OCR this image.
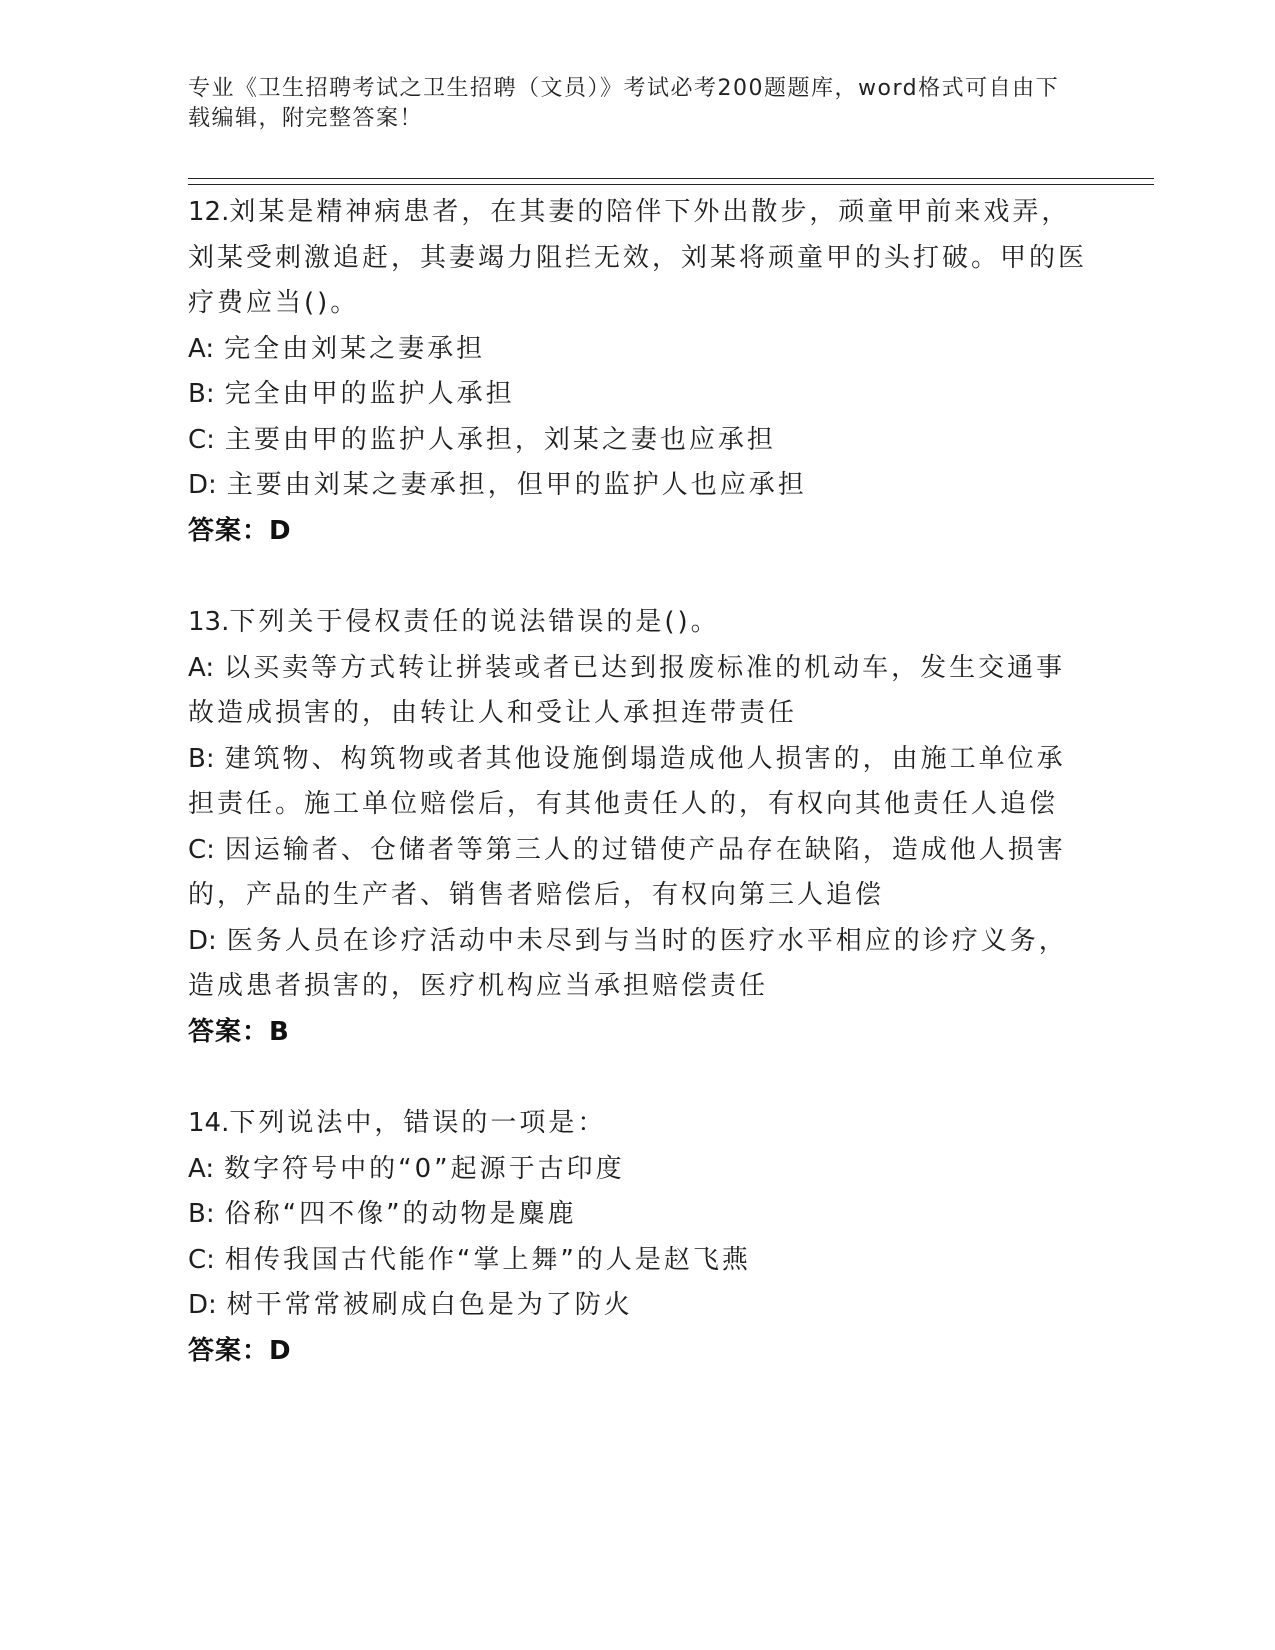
专业《卫生招聘考试之卫生招聘（文员）》考试必考200题题库，word格式可自由下载编辑，附完整答案！

12.刘某是精神病患者，在其妻的陪伴下外出散步，顽童甲前来戏弄，刘某受刺激追赶，其妻竭力阻拦无效，刘某将顽童甲的头打破。甲的医疗费应当()。

A: 完全由刘某之妻承担

B: 完全由甲的监护人承担

C: 主要由甲的监护人承担，刘某之妻也应承担

D: 主要由刘某之妻承担，但甲的监护人也应承担

答案：D

13.下列关于侵权责任的说法错误的是()。

A: 以买卖等方式转让拼装或者已达到报废标准的机动车，发生交通事故造成损害的，由转让人和受让人承担连带责任

B: 建筑物、构筑物或者其他设施倒塌造成他人损害的，由施工单位承担责任。施工单位赔偿后，有其他责任人的，有权向其他责任人追偿

C: 因运输者、仓储者等第三人的过错使产品存在缺陷，造成他人损害的，产品的生产者、销售者赔偿后，有权向第三人追偿

D: 医务人员在诊疗活动中未尽到与当时的医疗水平相应的诊疗义务，造成患者损害的，医疗机构应当承担赔偿责任

答案：B

14.下列说法中，错误的一项是：

A: 数字符号中的“0”起源于古印度

B: 俗称“四不像”的动物是麋鹿

C: 相传我国古代能作“掌上舞”的人是赵飞燕

D: 树干常常被刷成白色是为了防火

答案：D
